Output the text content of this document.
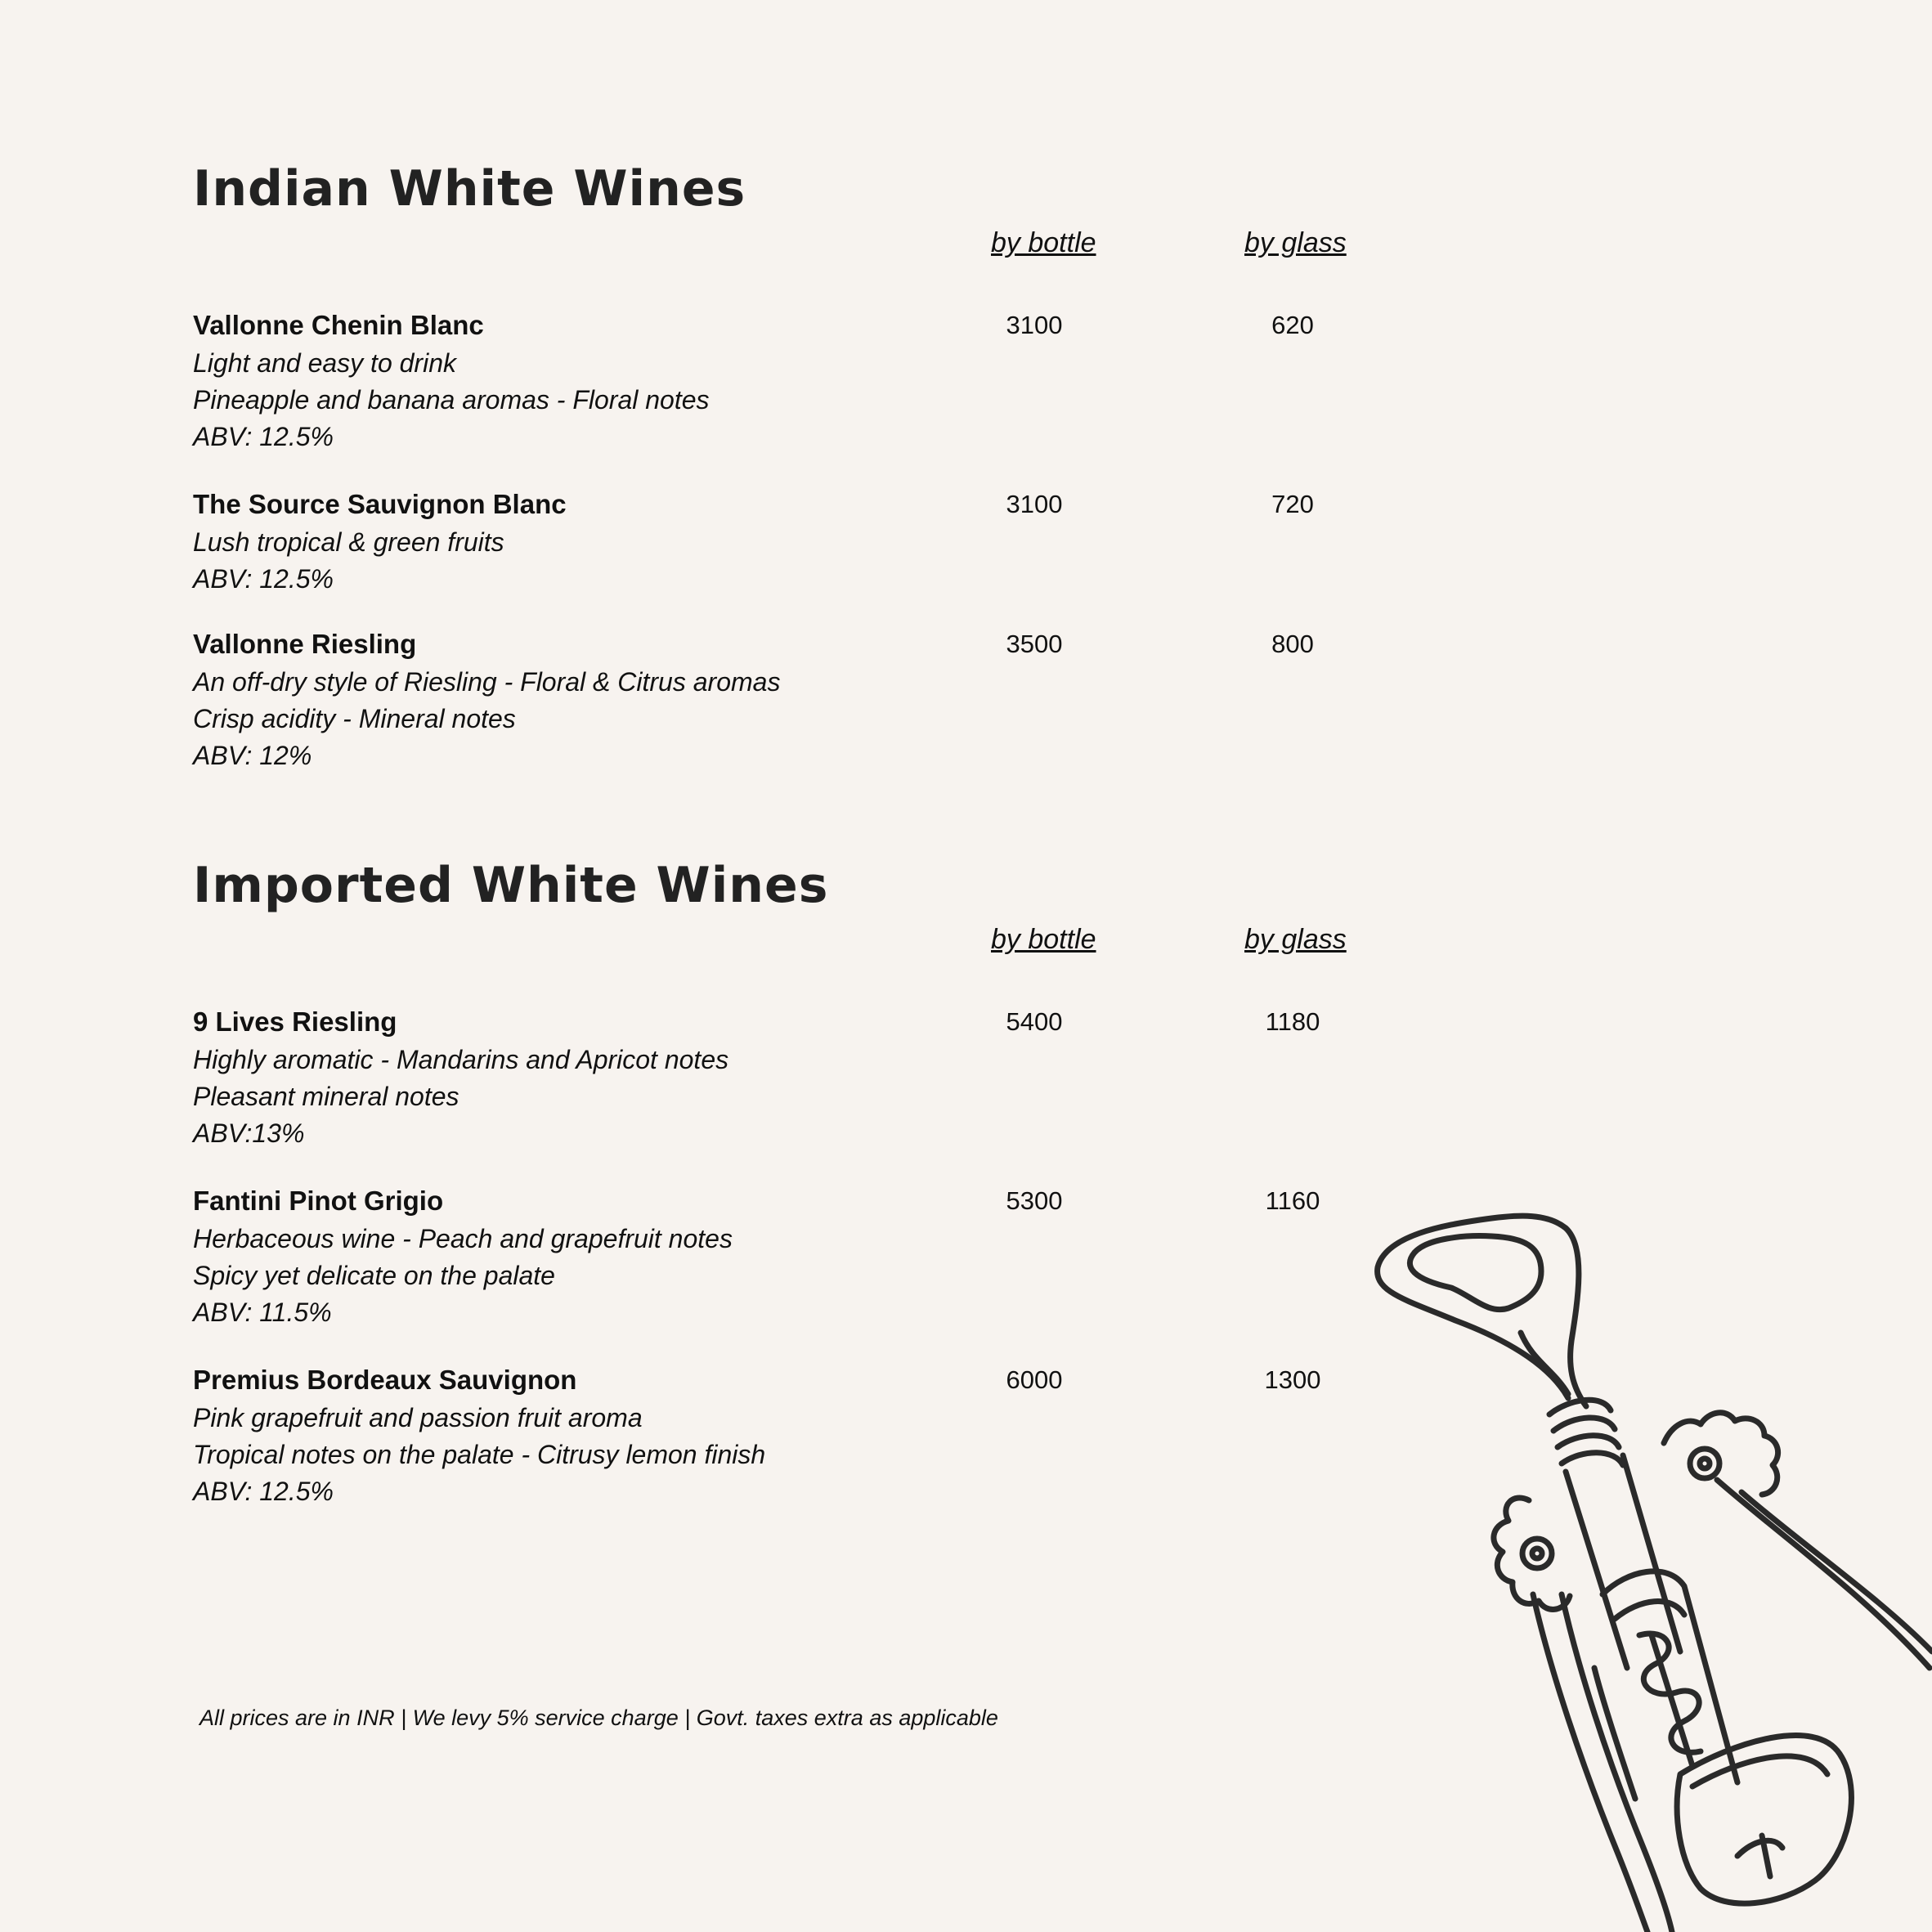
Indian White Wines
by bottle	by glass
Vallonne Chenin Blanc
Light and easy to drink
Pineapple and banana aromas - Floral notes
ABV: 12.5%
3100	620
The Source Sauvignon Blanc
Lush tropical & green fruits
ABV: 12.5%
3100	720
Vallonne Riesling
An off-dry style of Riesling - Floral & Citrus aromas
Crisp acidity - Mineral notes
ABV: 12%
3500	800
Imported White Wines
by bottle	by glass
9 Lives Riesling
Highly aromatic - Mandarins and Apricot notes
Pleasant mineral notes
ABV:13%
5400	1180
Fantini Pinot Grigio
Herbaceous wine - Peach and grapefruit notes
Spicy yet delicate on the palate
ABV: 11.5%
5300	1160
Premius Bordeaux Sauvignon
Pink grapefruit and passion fruit aroma
Tropical notes on the palate - Citrusy lemon finish
ABV: 12.5%
6000	1300
All prices are in INR | We levy 5% service charge | Govt. taxes extra as applicable
